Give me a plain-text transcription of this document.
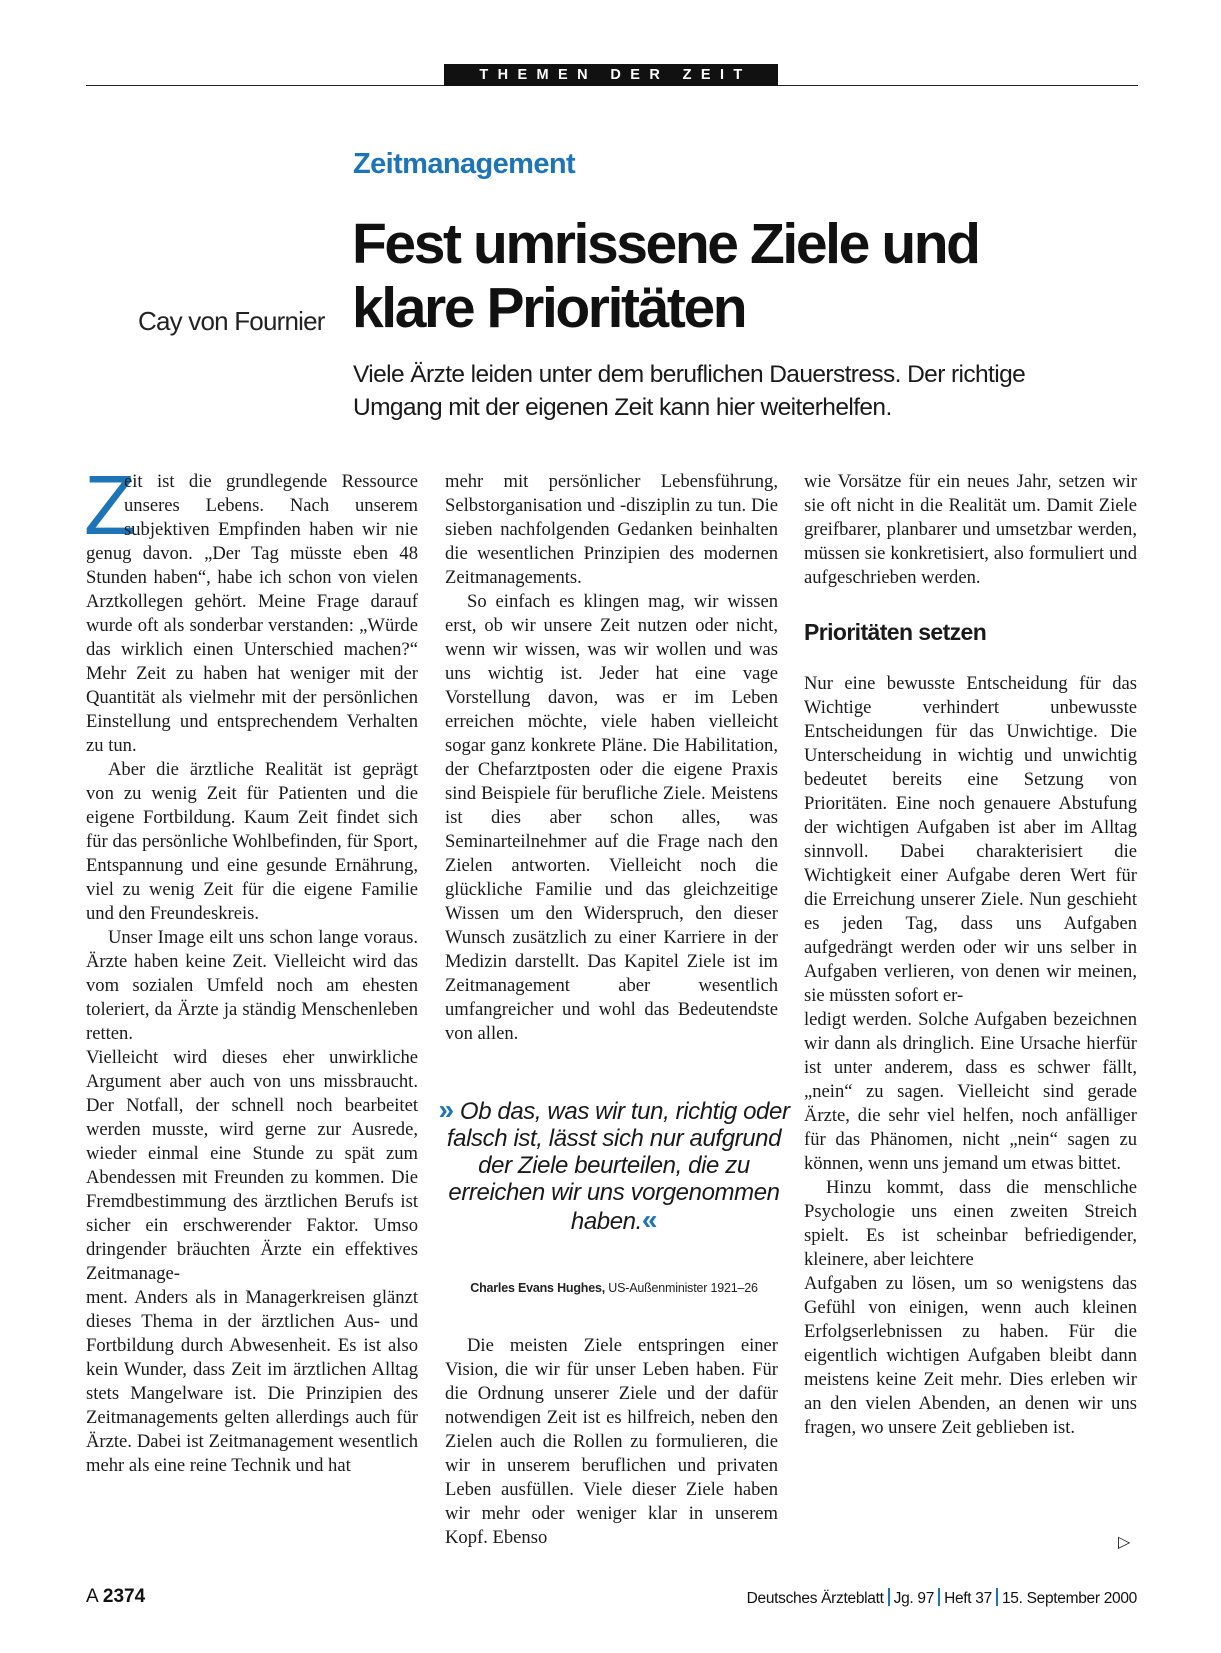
THEMEN DER ZEIT
Zeitmanagement
Fest umrissene Ziele und
klare Prioritäten
Cay von Fournier
Viele Ärzte leiden unter dem beruflichen Dauerstress. Der richtige
Umgang mit der eigenen Zeit kann hier weiterhelfen.

Z
eit ist die grundlegende Ressource unseres Lebens. Nach unserem subjektiven Empfinden haben wir nie genug davon. „Der Tag müsste eben 48 Stunden haben“, habe ich schon von vielen Arztkollegen gehört. Meine Frage darauf wurde oft als sonderbar verstanden: „Würde das wirklich einen Unterschied machen?“ Mehr Zeit zu haben hat weniger mit der Quantität als vielmehr mit der persönlichen Einstellung und entsprechendem Verhalten zu tun.

Aber die ärztliche Realität ist geprägt von zu wenig Zeit für Patienten und die eigene Fortbildung. Kaum Zeit findet sich für das persönliche Wohlbefinden, für Sport, Entspannung und eine gesunde Ernährung, viel zu wenig Zeit für die eigene Familie und den Freundeskreis.

Unser Image eilt uns schon lange voraus. Ärzte haben keine Zeit. Vielleicht wird das vom sozialen Umfeld noch am ehesten toleriert, da Ärzte ja ständig Menschenleben retten.

Vielleicht wird dieses eher unwirkliche Argument aber auch von uns missbraucht. Der Notfall, der schnell noch bearbeitet werden musste, wird gerne zur Ausrede, wieder einmal eine Stunde zu spät zum Abendessen mit Freunden zu kommen. Die Fremdbestimmung des ärztlichen Berufs ist sicher ein erschwerender Faktor. Umso dringender bräuchten Ärzte ein effektives Zeitmanage-

ment. Anders als in Managerkreisen glänzt dieses Thema in der ärztlichen Aus- und Fortbildung durch Abwesenheit. Es ist also kein Wunder, dass Zeit im ärztlichen Alltag stets Mangelware ist. Die Prinzipien des Zeitmanagements gelten allerdings auch für Ärzte. Dabei ist Zeitmanagement wesentlich mehr als eine reine Technik und hat

mehr mit persönlicher Lebensführung, Selbstorganisation und -disziplin zu tun. Die sieben nachfolgenden Gedanken beinhalten die wesentlichen Prinzipien des modernen Zeitmanagements.

So einfach es klingen mag, wir wissen erst, ob wir unsere Zeit nutzen oder nicht, wenn wir wissen, was wir wollen und was uns wichtig ist. Jeder hat eine vage Vorstellung davon, was er im Leben erreichen möchte, viele haben vielleicht sogar ganz konkrete Pläne. Die Habilitation, der Chefarztposten oder die eigene Praxis sind Beispiele für berufliche Ziele. Meistens ist dies aber schon alles, was Seminarteilnehmer auf die Frage nach den Zielen antworten. Vielleicht noch die glückliche Familie und das gleichzeitige Wissen um den Widerspruch, den dieser Wunsch zusätzlich zu einer Karriere in der Medizin darstellt. Das Kapitel Ziele ist im Zeitmanagement aber wesentlich umfangreicher und wohl das Bedeutendste von allen.

» Ob das, was wir tun, richtig oder falsch ist, lässt sich nur aufgrund der Ziele beurteilen, die zu erreichen wir uns vorgenommen haben.«
Charles Evans Hughes, US-Außenminister 1921–26

Die meisten Ziele entspringen einer Vision, die wir für unser Leben haben. Für die Ordnung unserer Ziele und der dafür notwendigen Zeit ist es hilfreich, neben den Zielen auch die Rollen zu formulieren, die wir in unserem beruflichen und privaten Leben ausfüllen. Viele dieser Ziele haben wir mehr oder weniger klar in unserem Kopf. Ebenso

wie Vorsätze für ein neues Jahr, setzen wir sie oft nicht in die Realität um. Damit Ziele greifbarer, planbarer und umsetzbar werden, müssen sie konkretisiert, also formuliert und aufgeschrieben werden.

Prioritäten setzen

Nur eine bewusste Entscheidung für das Wichtige verhindert unbewusste Entscheidungen für das Unwichtige. Die Unterscheidung in wichtig und unwichtig bedeutet bereits eine Setzung von Prioritäten. Eine noch genauere Abstufung der wichtigen Aufgaben ist aber im Alltag sinnvoll. Dabei charakterisiert die Wichtigkeit einer Aufgabe deren Wert für die Erreichung unserer Ziele. Nun geschieht es jeden Tag, dass uns Aufgaben aufgedrängt werden oder wir uns selber in Aufgaben verlieren, von denen wir meinen, sie müssten sofort er-

ledigt werden. Solche Aufgaben bezeichnen wir dann als dringlich. Eine Ursache hierfür ist unter anderem, dass es schwer fällt, „nein“ zu sagen. Vielleicht sind gerade Ärzte, die sehr viel helfen, noch anfälliger für das Phänomen, nicht „nein“ sagen zu können, wenn uns jemand um etwas bittet.

Hinzu kommt, dass die menschliche Psychologie uns einen zweiten Streich spielt. Es ist scheinbar befriedigender, kleinere, aber leichtere

Aufgaben zu lösen, um so wenigstens das Gefühl von einigen, wenn auch kleinen Erfolgserlebnissen zu haben. Für die eigentlich wichtigen Aufgaben bleibt dann meistens keine Zeit mehr. Dies erleben wir an den vielen Abenden, an denen wir uns fragen, wo unsere Zeit geblieben ist.

▷
A 2374	Deutsches Ärzteblatt Jg. 97 Heft 37 15. September 2000
